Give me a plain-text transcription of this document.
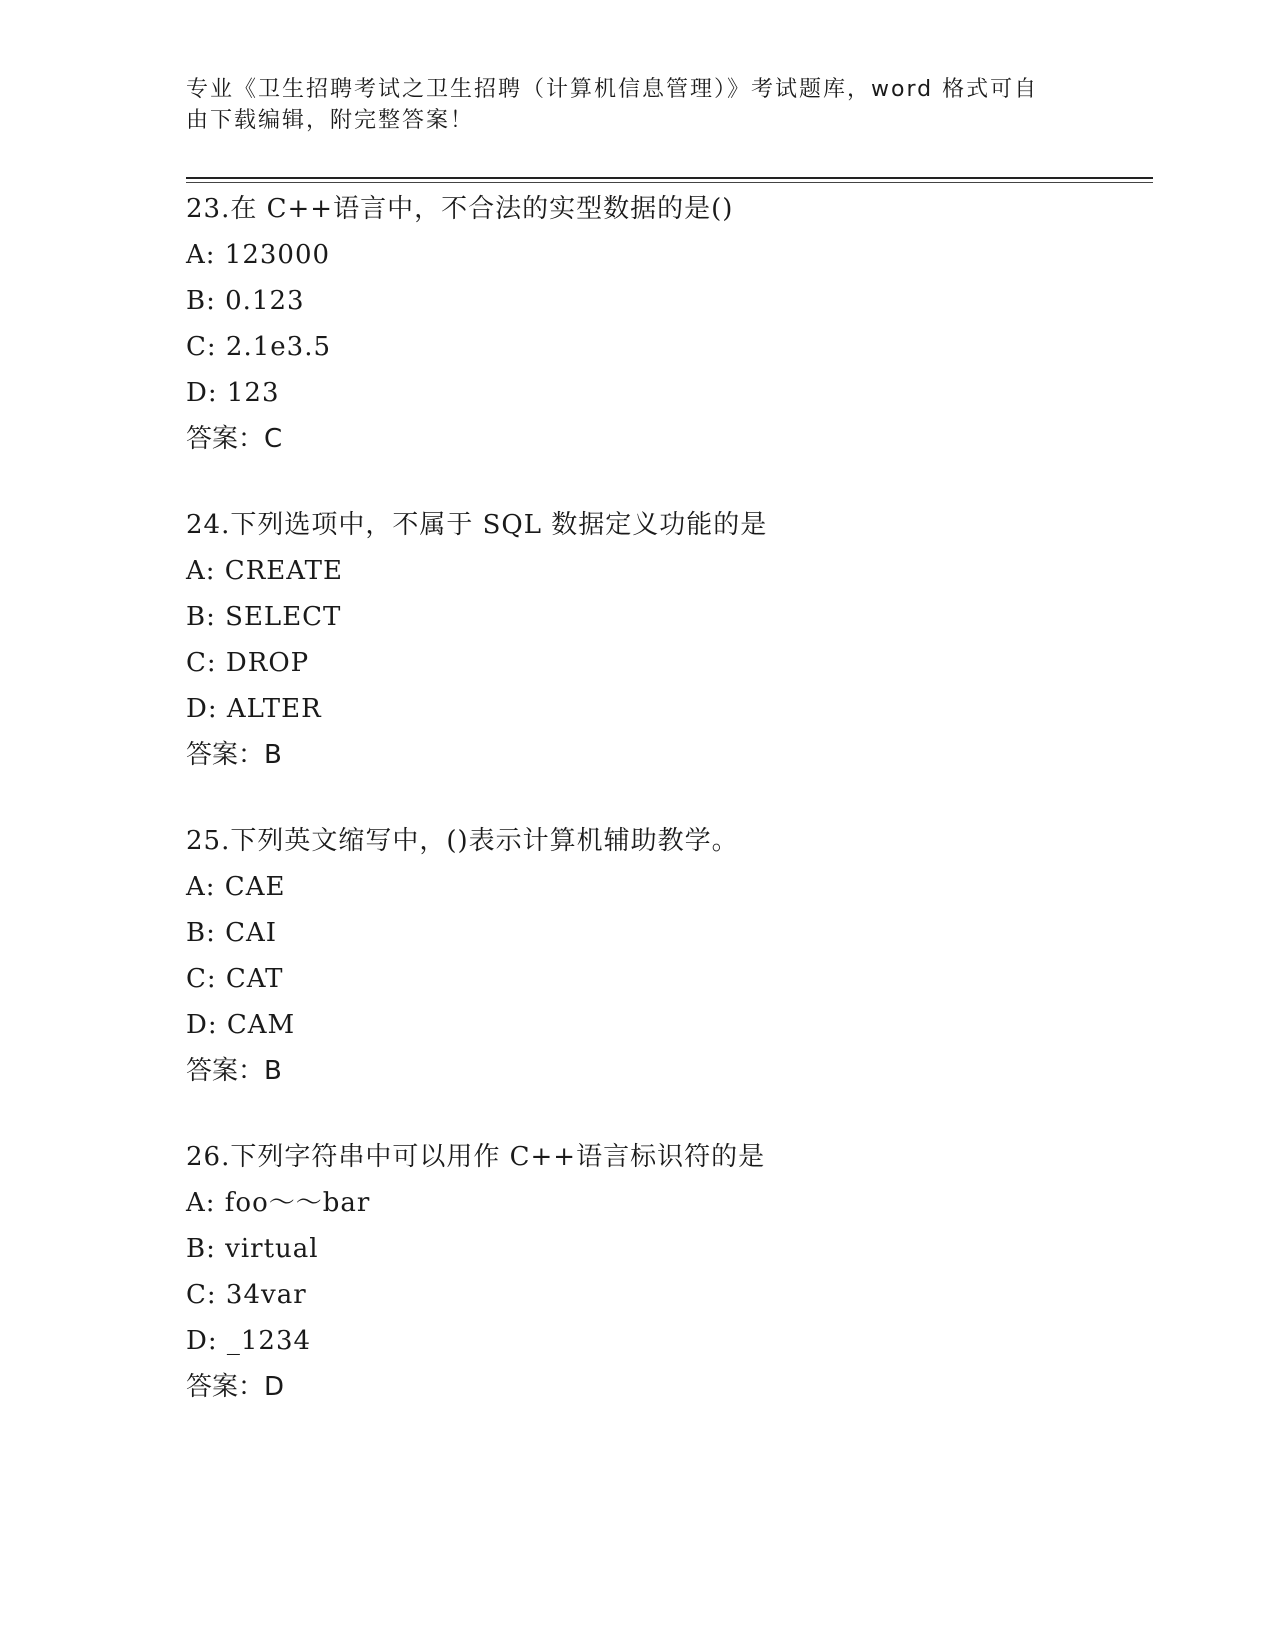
专业《卫生招聘考试之卫生招聘（计算机信息管理）》考试题库，word 格式可自
由下载编辑，附完整答案！
23.在 C++语言中，不合法的实型数据的是()
A: 123000
B: 0.123
C: 2.1e3.5
D: 123
答案：C
24.下列选项中，不属于 SQL 数据定义功能的是
A: CREATE
B: SELECT
C: DROP
D: ALTER
答案：B
25.下列英文缩写中，()表示计算机辅助教学。
A: CAE
B: CAI
C: CAT
D: CAM
答案：B
26.下列字符串中可以用作 C++语言标识符的是
A: foo～～bar
B: virtual
C: 34var
D: _1234
答案：D
